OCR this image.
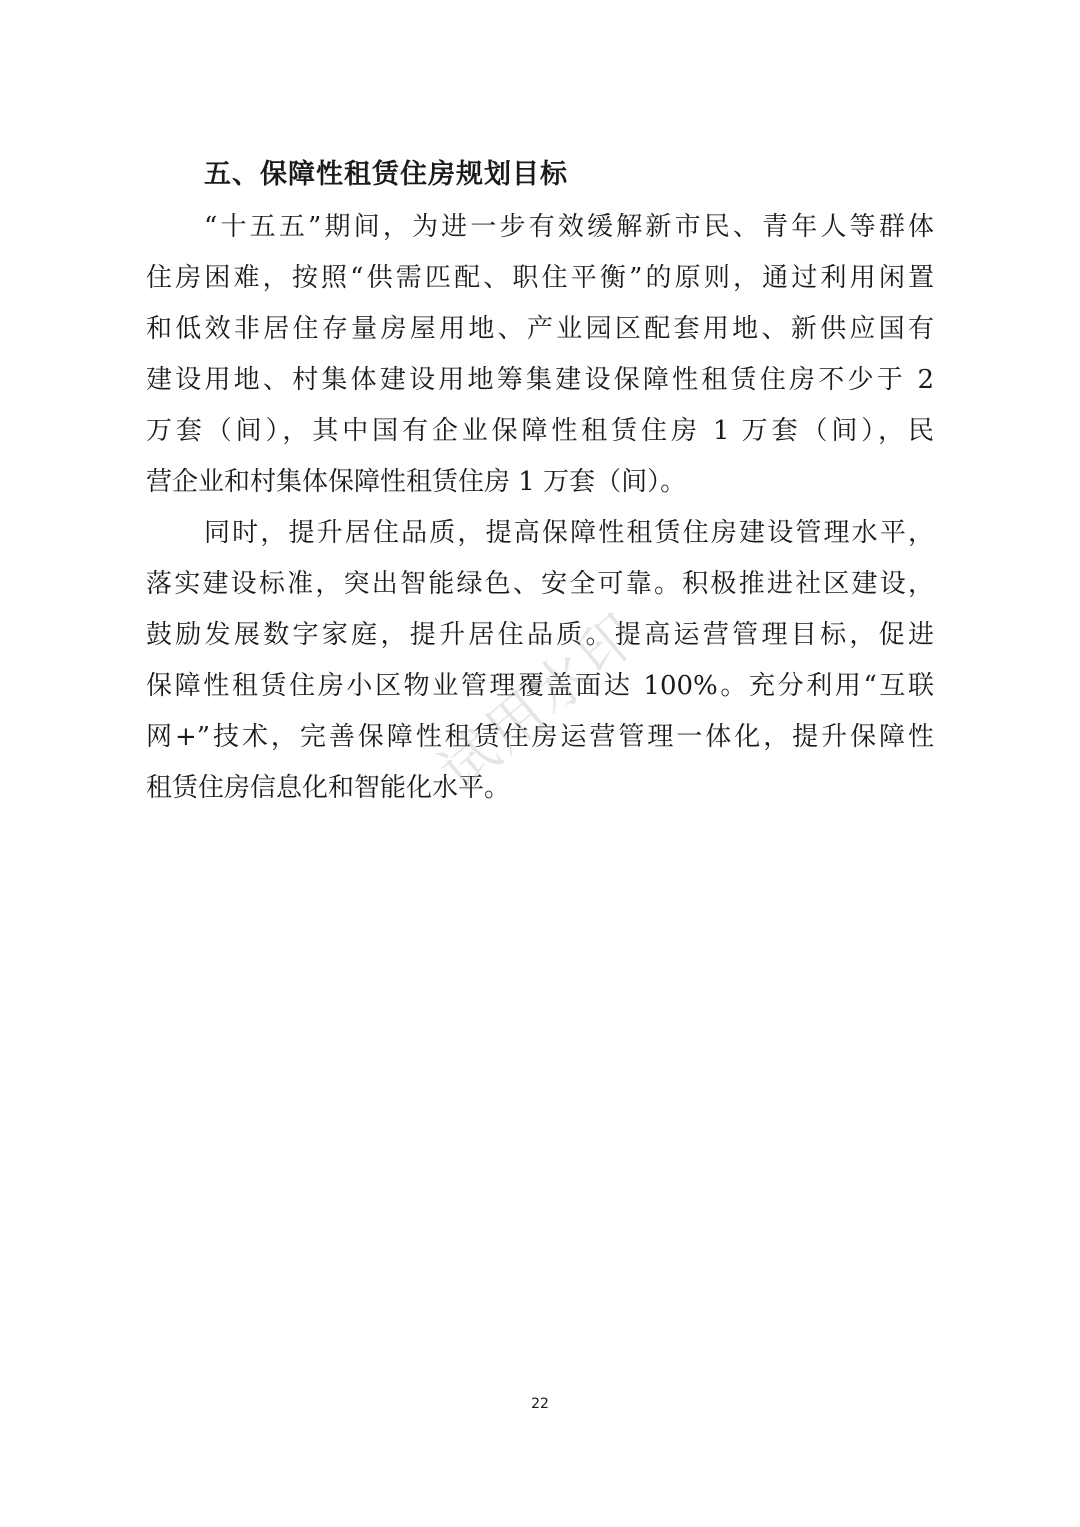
五、保障性租赁住房规划目标
“十五五”期间，为进一步有效缓解新市民、青年人等群体
住房困难，按照“供需匹配、职住平衡”的原则，通过利用闲置
和低效非居住存量房屋用地、产业园区配套用地、新供应国有
建设用地、村集体建设用地筹集建设保障性租赁住房不少于 2
万套（间），其中国有企业保障性租赁住房 1 万套（间），民
营企业和村集体保障性租赁住房 1 万套（间）。
同时，提升居住品质，提高保障性租赁住房建设管理水平，
落实建设标准，突出智能绿色、安全可靠。积极推进社区建设，
鼓励发展数字家庭，提升居住品质。提高运营管理目标，促进
保障性租赁住房小区物业管理覆盖面达 100%。充分利用“互联
网+”技术，完善保障性租赁住房运营管理一体化，提升保障性
租赁住房信息化和智能化水平。
试用水印
22
